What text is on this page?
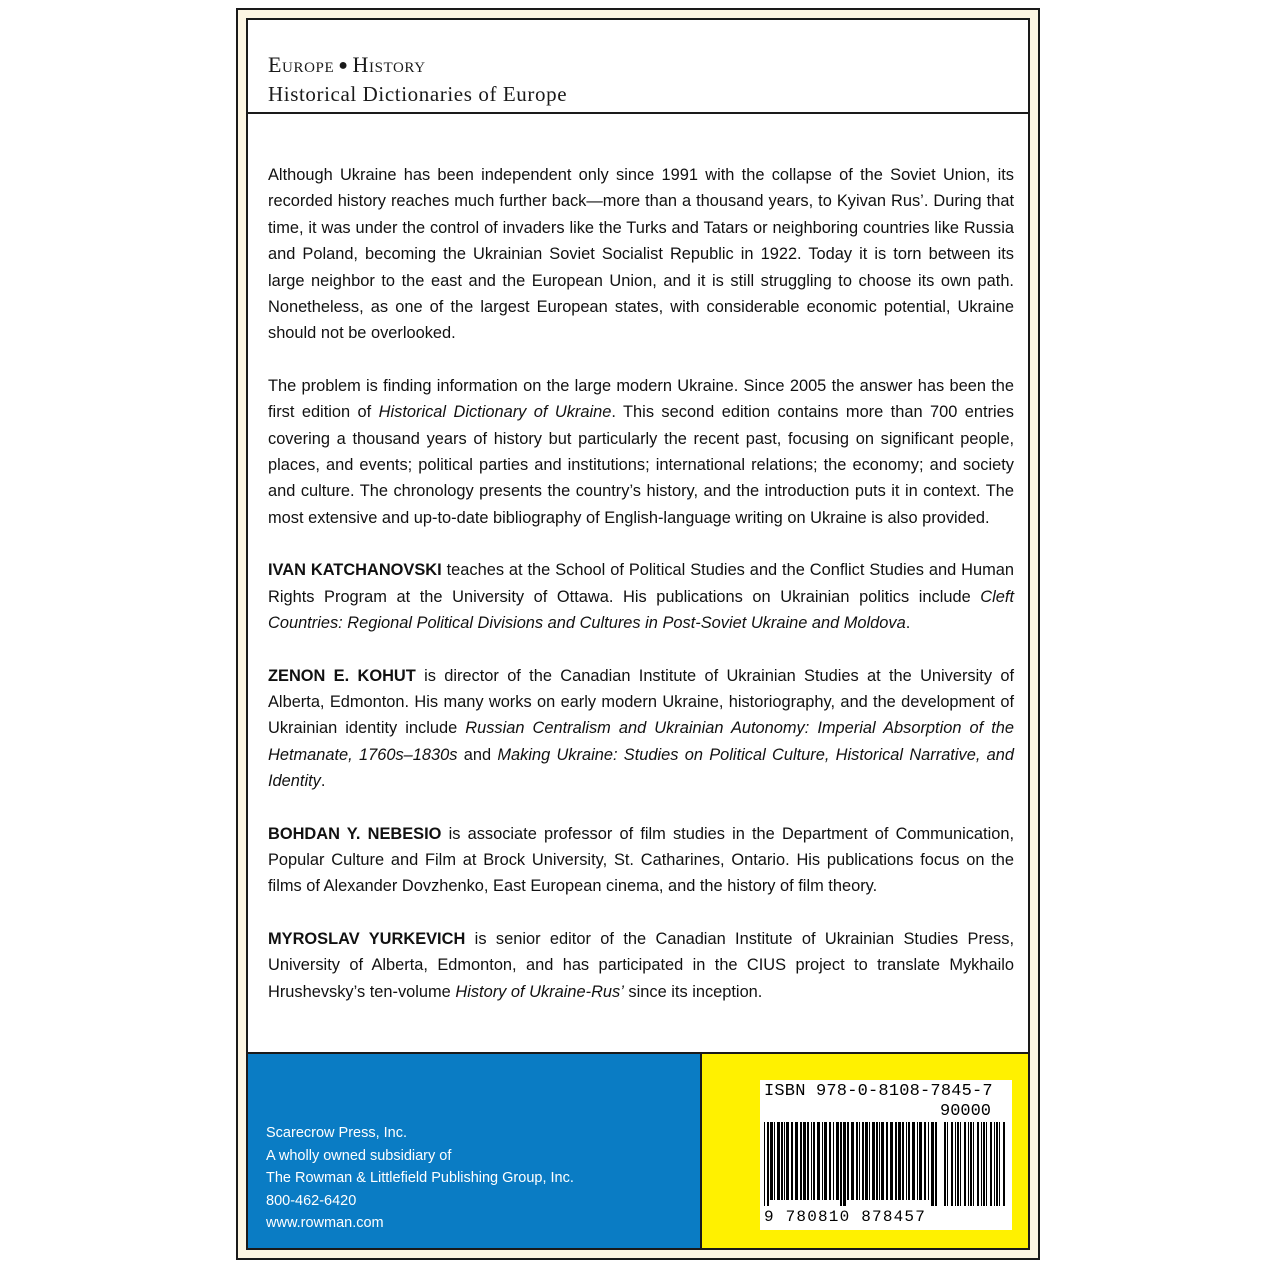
Europe ● History
Historical Dictionaries of Europe

Although Ukraine has been independent only since 1991 with the collapse of the Soviet Union, its recorded history reaches much further back—more than a thousand years, to Kyivan Rus’. During that time, it was under the control of invaders like the Turks and Tatars or neighboring countries like Russia and Poland, becoming the Ukrainian Soviet Socialist Republic in 1922. Today it is torn between its large neighbor to the east and the European Union, and it is still struggling to choose its own path. Nonetheless, as one of the largest European states, with considerable economic potential, Ukraine should not be overlooked.

The problem is finding information on the large modern Ukraine. Since 2005 the answer has been the first edition of Historical Dictionary of Ukraine. This second edition contains more than 700 entries covering a thousand years of history but particularly the recent past, focusing on significant people, places, and events; political parties and institutions; international relations; the economy; and society and culture. The chronology presents the country’s history, and the introduction puts it in context. The most extensive and up-to-date bibliography of English-language writing on Ukraine is also provided.

IVAN KATCHANOVSKI teaches at the School of Political Studies and the Conflict Studies and Human Rights Program at the University of Ottawa. His publications on Ukrainian politics include Cleft Countries: Regional Political Divisions and Cultures in Post-Soviet Ukraine and Moldova.

ZENON E. KOHUT is director of the Canadian Institute of Ukrainian Studies at the University of Alberta, Edmonton. His many works on early modern Ukraine, historiography, and the development of Ukrainian identity include Russian Centralism and Ukrainian Autonomy: Imperial Absorption of the Hetmanate, 1760s–1830s and Making Ukraine: Studies on Political Culture, Historical Narrative, and Identity.

BOHDAN Y. NEBESIO is associate professor of film studies in the Department of Communication, Popular Culture and Film at Brock University, St. Catharines, Ontario. His publications focus on the films of Alexander Dovzhenko, East European cinema, and the history of film theory.

MYROSLAV YURKEVICH is senior editor of the Canadian Institute of Ukrainian Studies Press, University of Alberta, Edmonton, and has participated in the CIUS project to translate Mykhailo Hrushevsky’s ten-volume History of Ukraine-Rus’ since its inception.

Scarecrow Press, Inc.
A wholly owned subsidiary of
The Rowman & Littlefield Publishing Group, Inc.
800-462-6420
www.rowman.com
ISBN 978-0-8108-7845-7
90000
9 780810 878457
